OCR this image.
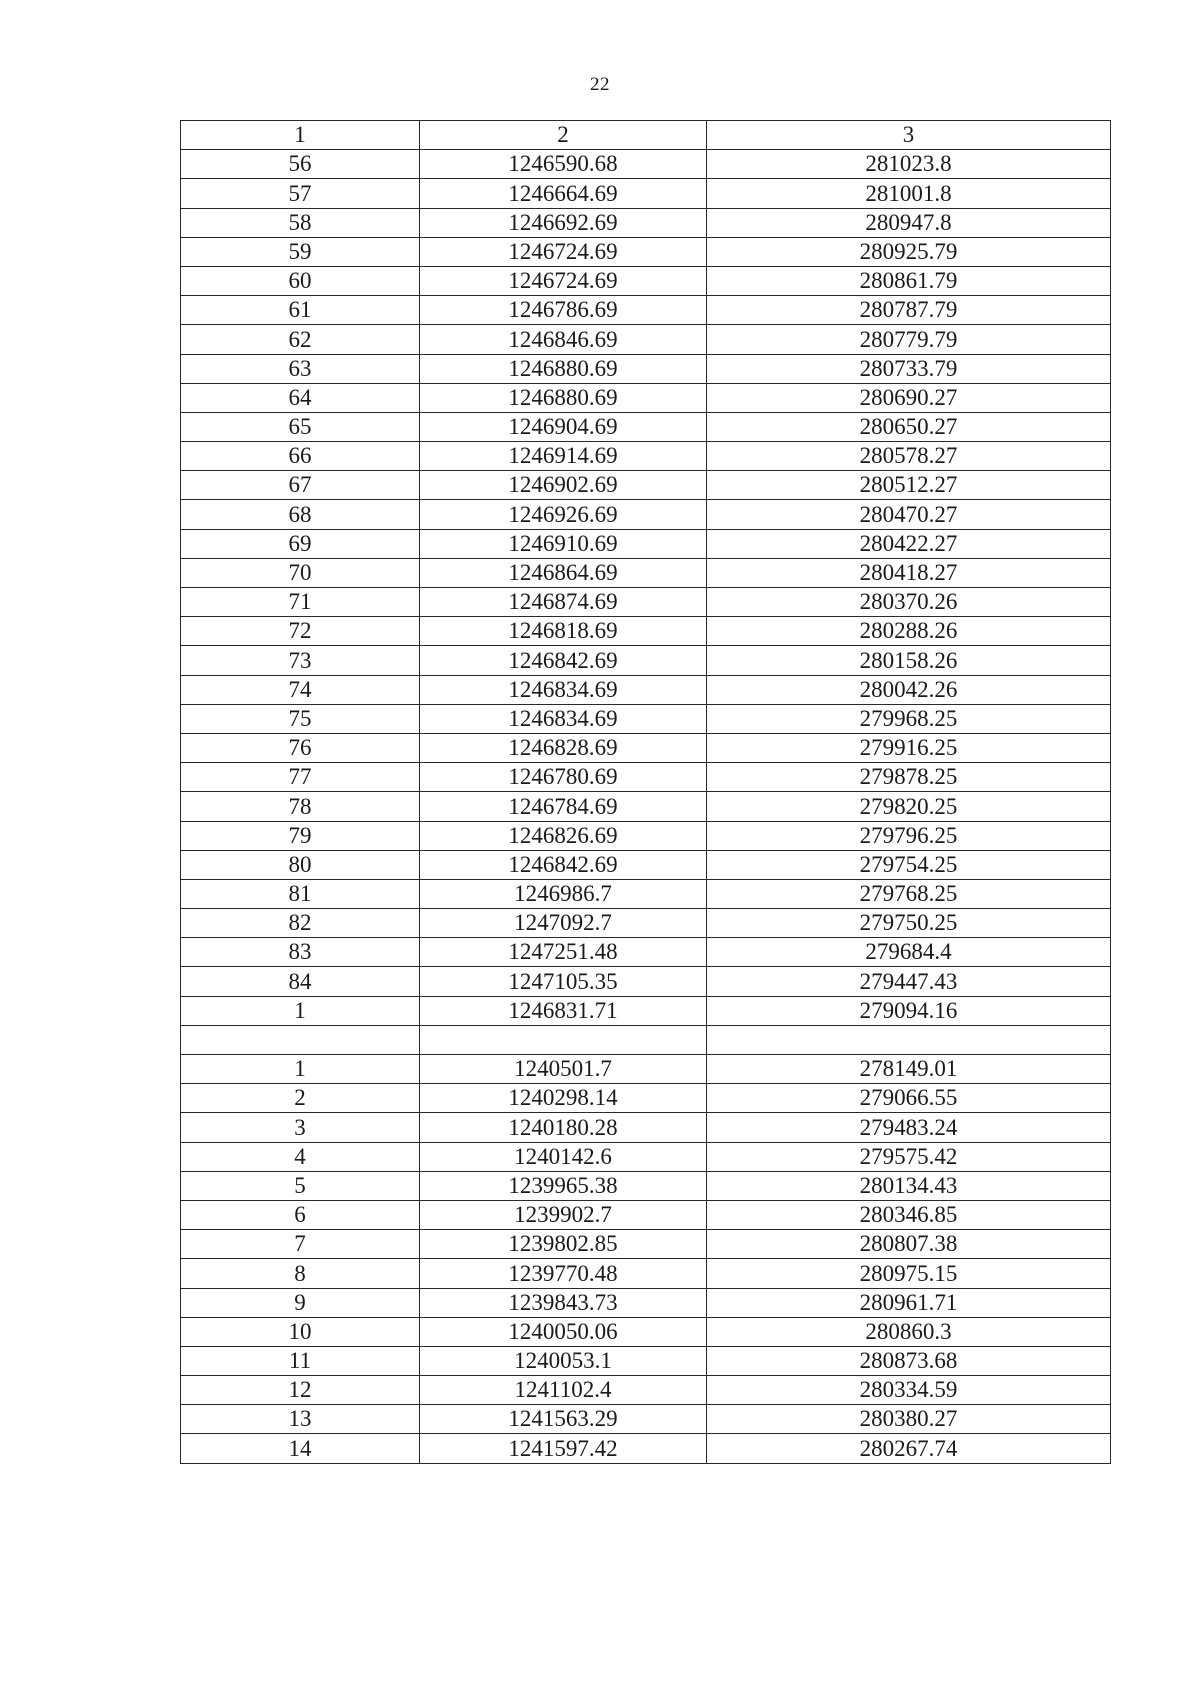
22
1	2	3
56	1246590.68	281023.8
57	1246664.69	281001.8
58	1246692.69	280947.8
59	1246724.69	280925.79
60	1246724.69	280861.79
61	1246786.69	280787.79
62	1246846.69	280779.79
63	1246880.69	280733.79
64	1246880.69	280690.27
65	1246904.69	280650.27
66	1246914.69	280578.27
67	1246902.69	280512.27
68	1246926.69	280470.27
69	1246910.69	280422.27
70	1246864.69	280418.27
71	1246874.69	280370.26
72	1246818.69	280288.26
73	1246842.69	280158.26
74	1246834.69	280042.26
75	1246834.69	279968.25
76	1246828.69	279916.25
77	1246780.69	279878.25
78	1246784.69	279820.25
79	1246826.69	279796.25
80	1246842.69	279754.25
81	1246986.7	279768.25
82	1247092.7	279750.25
83	1247251.48	279684.4
84	1247105.35	279447.43
1	1246831.71	279094.16

1	1240501.7	278149.01
2	1240298.14	279066.55
3	1240180.28	279483.24
4	1240142.6	279575.42
5	1239965.38	280134.43
6	1239902.7	280346.85
7	1239802.85	280807.38
8	1239770.48	280975.15
9	1239843.73	280961.71
10	1240050.06	280860.3
11	1240053.1	280873.68
12	1241102.4	280334.59
13	1241563.29	280380.27
14	1241597.42	280267.74
